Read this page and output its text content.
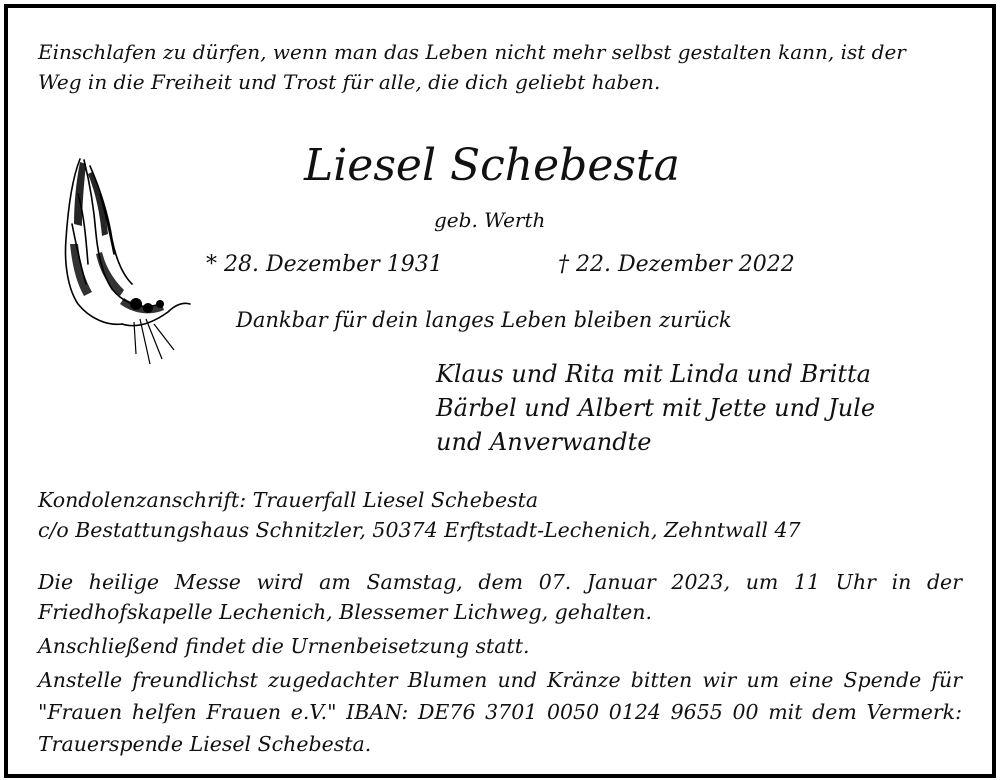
Einschlafen zu dürfen, wenn man das Leben nicht mehr selbst gestalten kann, ist der

Weg in die Freiheit und Trost für alle, die dich geliebt haben.

Liesel Schebesta

geb. Werth

* 28. Dezember 1931	† 22. Dezember 2022

Dankbar für dein langes Leben bleiben zurück

Klaus und Rita mit Linda und Britta

Bärbel und Albert mit Jette und Jule

und Anverwandte

Kondolenzanschrift: Trauerfall Liesel Schebesta

c/o Bestattungshaus Schnitzler, 50374 Erftstadt-Lechenich, Zehntwall 47

Die heilige Messe wird am Samstag, dem 07. Januar 2023, um 11 Uhr in der

Friedhofskapelle Lechenich, Blessemer Lichweg, gehalten.

Anschließend findet die Urnenbeisetzung statt.

Anstelle freundlichst zugedachter Blumen und Kränze bitten wir um eine Spende für

"Frauen helfen Frauen e.V." IBAN: DE76 3701 0050 0124 9655 00 mit dem Vermerk:

Trauerspende Liesel Schebesta.
